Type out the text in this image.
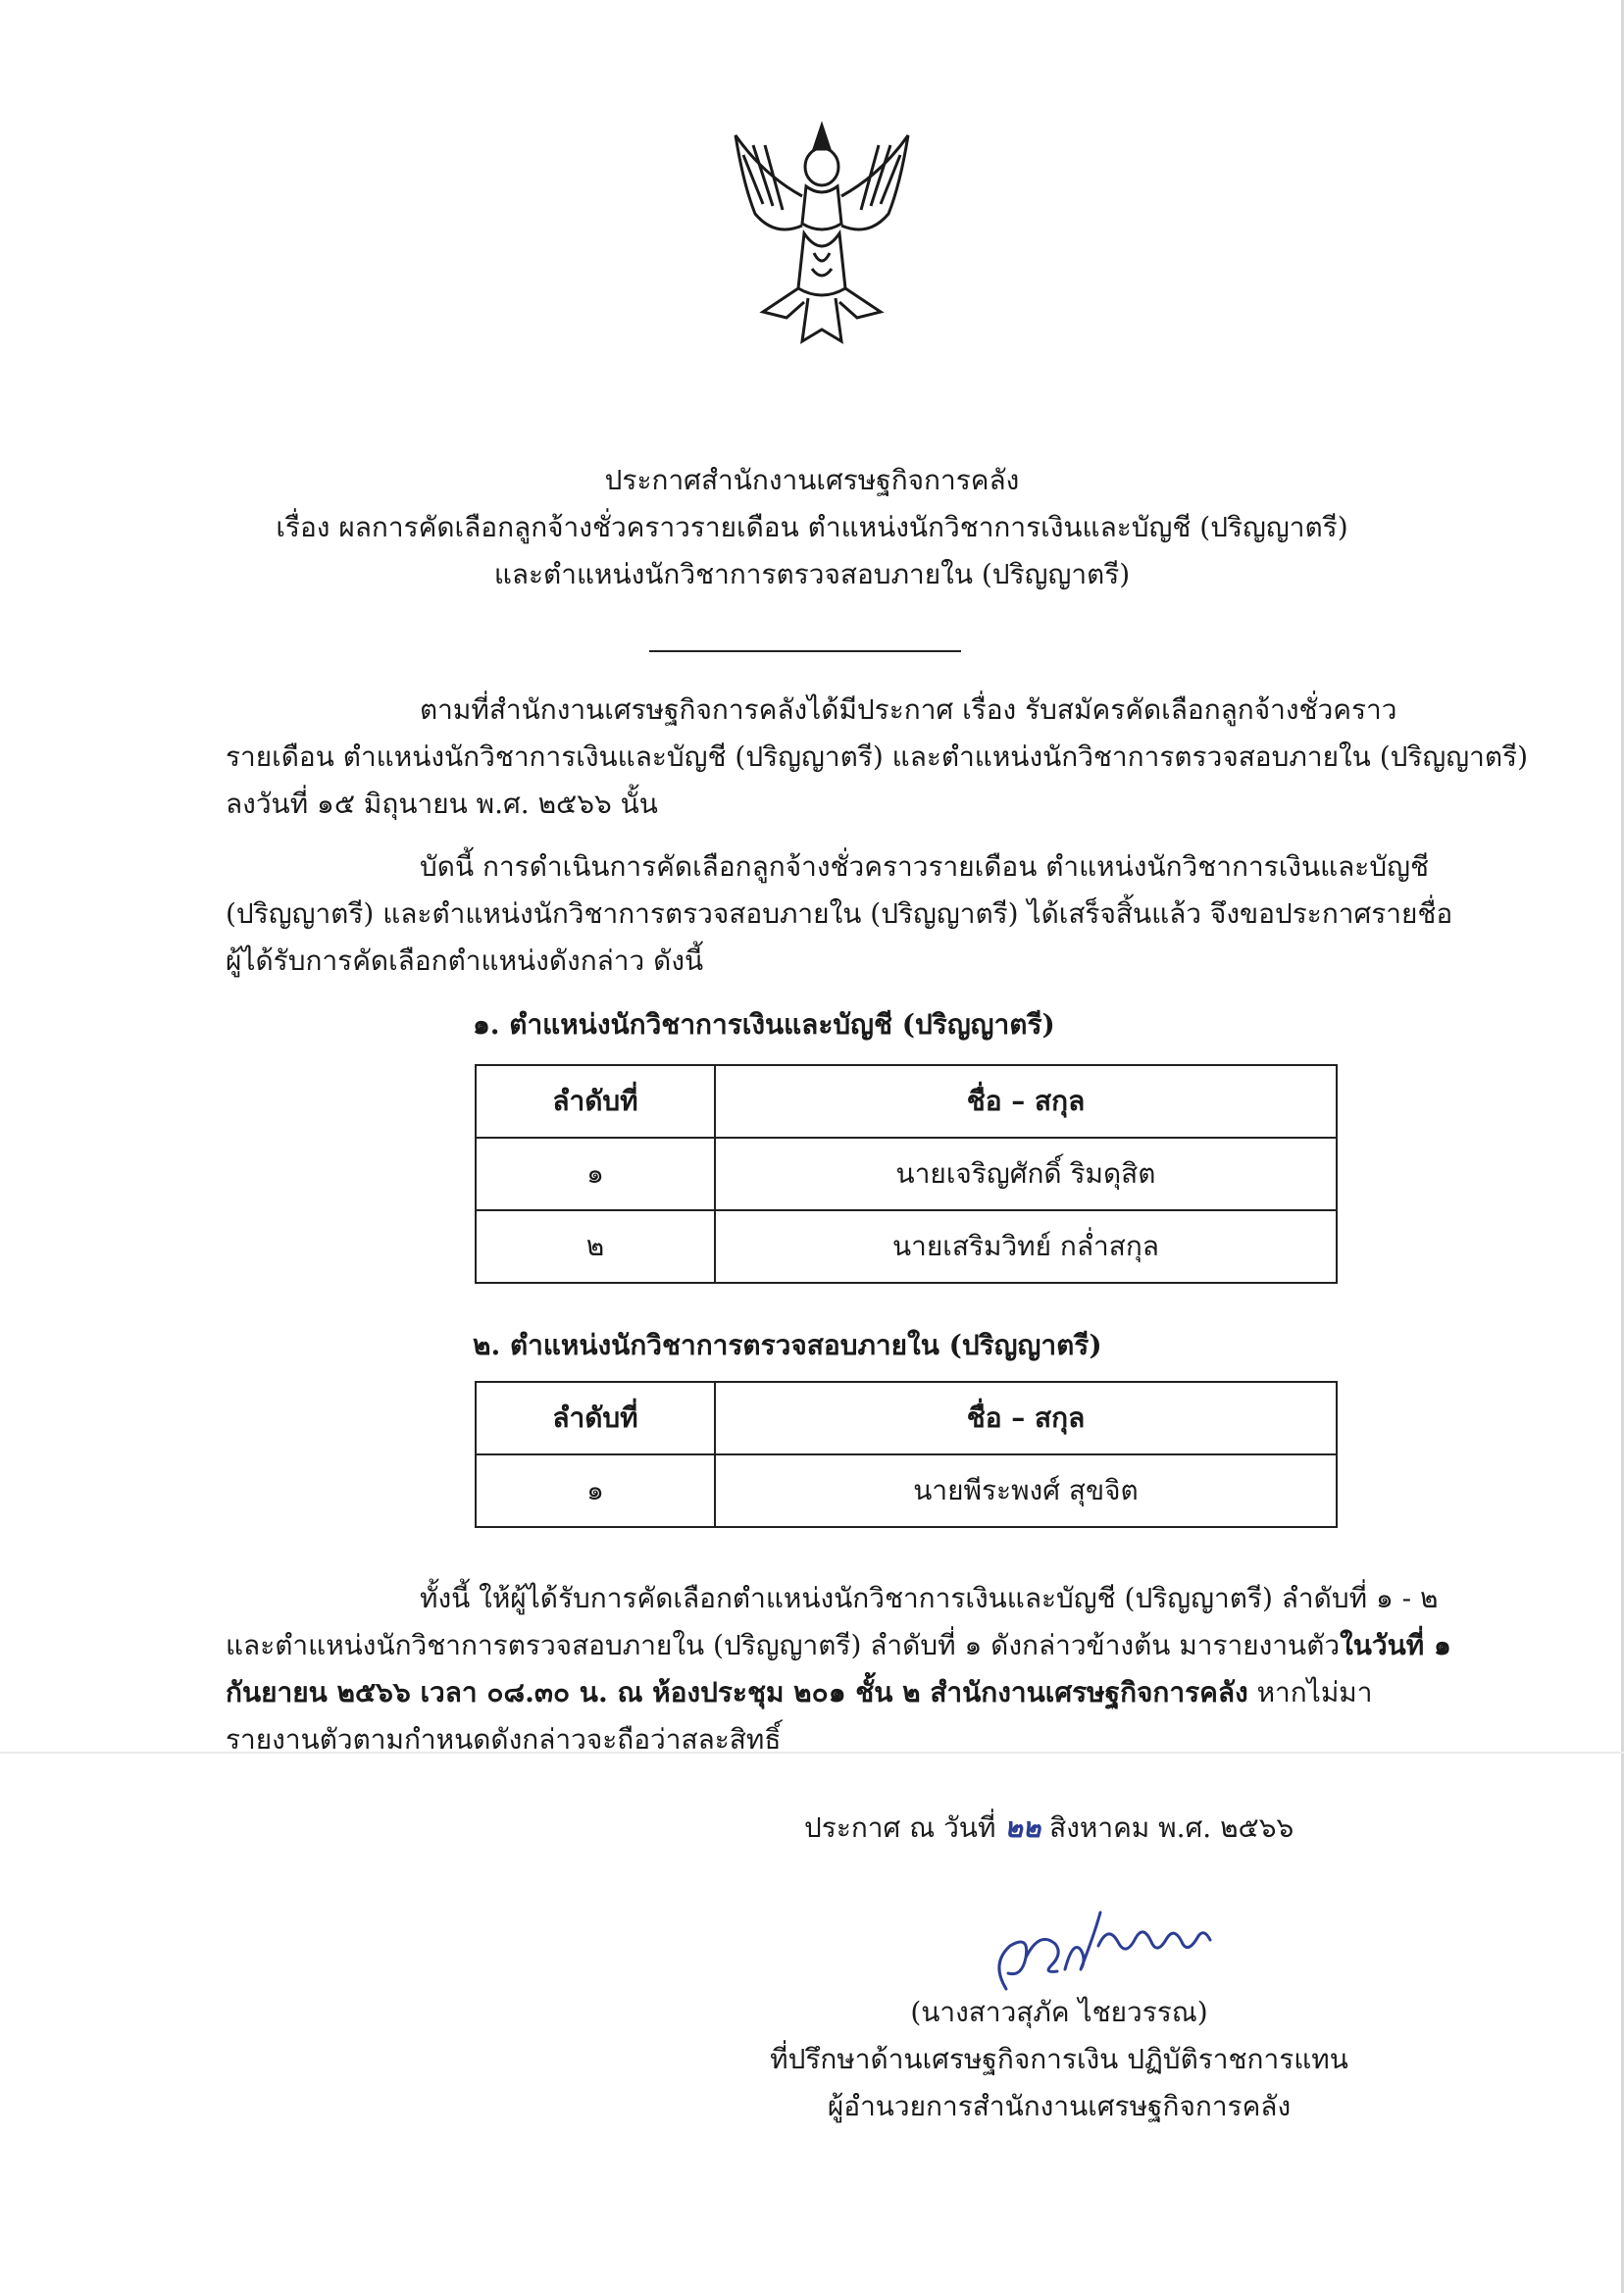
ประกาศสำนักงานเศรษฐกิจการคลัง
เรื่อง ผลการคัดเลือกลูกจ้างชั่วคราวรายเดือน ตำแหน่งนักวิชาการเงินและบัญชี (ปริญญาตรี)
และตำแหน่งนักวิชาการตรวจสอบภายใน (ปริญญาตรี)
ตามที่สำนักงานเศรษฐกิจการคลังได้มีประกาศ เรื่อง รับสมัครคัดเลือกลูกจ้างชั่วคราว
รายเดือน ตำแหน่งนักวิชาการเงินและบัญชี (ปริญญาตรี) และตำแหน่งนักวิชาการตรวจสอบภายใน (ปริญญาตรี)
ลงวันที่ ๑๕ มิถุนายน พ.ศ. ๒๕๖๖ นั้น
บัดนี้ การดำเนินการคัดเลือกลูกจ้างชั่วคราวรายเดือน ตำแหน่งนักวิชาการเงินและบัญชี
(ปริญญาตรี) และตำแหน่งนักวิชาการตรวจสอบภายใน (ปริญญาตรี) ได้เสร็จสิ้นแล้ว จึงขอประกาศรายชื่อ
ผู้ได้รับการคัดเลือกตำแหน่งดังกล่าว ดังนี้
๑. ตำแหน่งนักวิชาการเงินและบัญชี (ปริญญาตรี)
ลำดับที่	ชื่อ – สกุล
๑	นายเจริญศักดิ์ ริมดุสิต
๒	นายเสริมวิทย์ กล่ำสกุล
๒. ตำแหน่งนักวิชาการตรวจสอบภายใน (ปริญญาตรี)
ลำดับที่	ชื่อ – สกุล
๑	นายพีระพงศ์ สุขจิต
ทั้งนี้ ให้ผู้ได้รับการคัดเลือกตำแหน่งนักวิชาการเงินและบัญชี (ปริญญาตรี) ลำดับที่ ๑ - ๒
และตำแหน่งนักวิชาการตรวจสอบภายใน (ปริญญาตรี) ลำดับที่ ๑ ดังกล่าวข้างต้น มารายงานตัวในวันที่ ๑
กันยายน ๒๕๖๖ เวลา ๐๘.๓๐ น. ณ ห้องประชุม ๒๐๑ ชั้น ๒ สำนักงานเศรษฐกิจการคลัง หากไม่มา
รายงานตัวตามกำหนดดังกล่าวจะถือว่าสละสิทธิ์
ประกาศ ณ วันที่ ๒๒ สิงหาคม พ.ศ. ๒๕๖๖
(นางสาวสุภัค ไชยวรรณ)
ที่ปรึกษาด้านเศรษฐกิจการเงิน ปฏิบัติราชการแทน
ผู้อำนวยการสำนักงานเศรษฐกิจการคลัง
